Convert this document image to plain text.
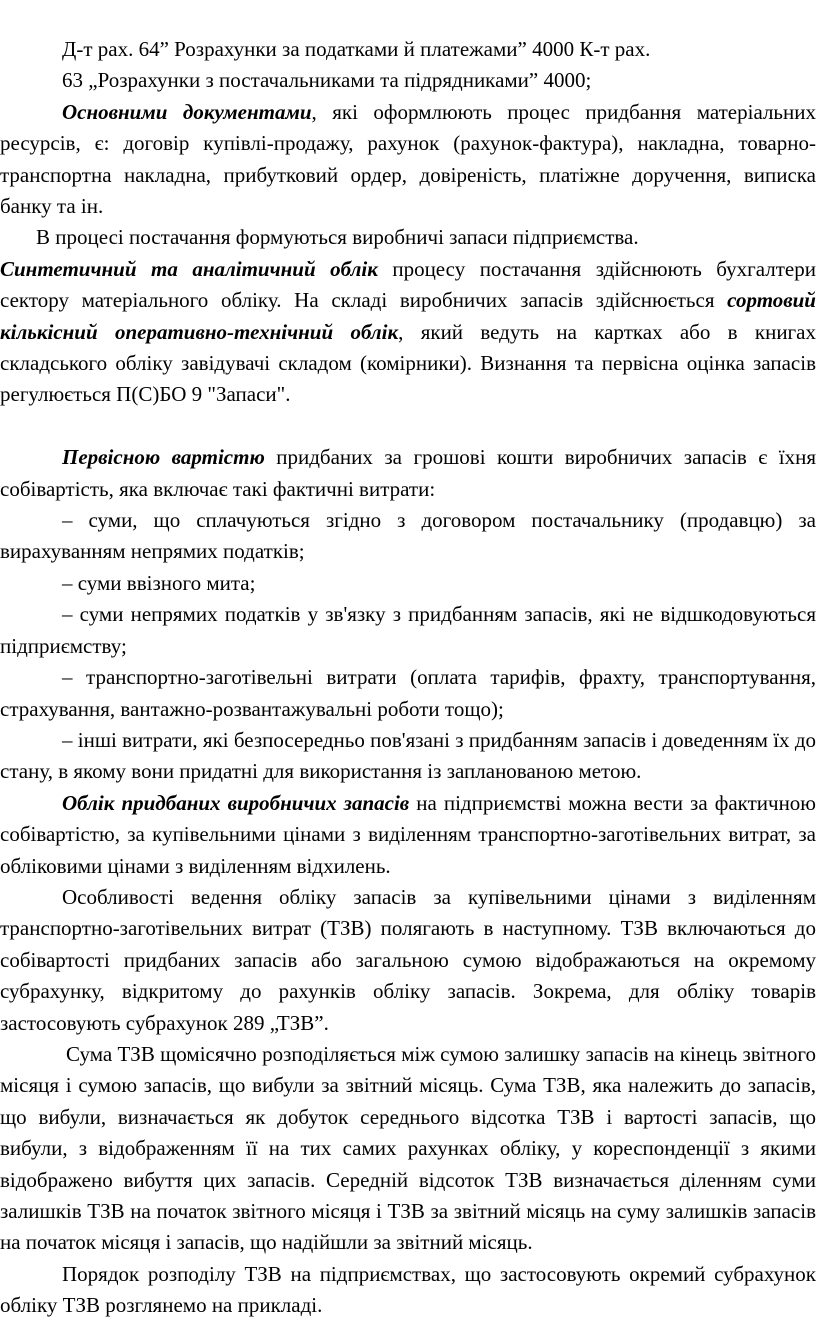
Д-т рах. 64” Розрахунки за податками й платежами” 4000 К-т рах.

63 „Розрахунки з постачальниками та підрядниками” 4000;

Основними документами, які оформлюють процес придбання матеріальних ресурсів, є: договір купівлі-продажу, рахунок (рахунок-фактура), накладна, товарно-транспортна накладна, прибутковий ордер, довіреність, платіжне доручення, виписка банку та ін.

В процесі постачання формуються виробничі запаси підприємства.

Синтетичний та аналітичний облік процесу постачання здійснюють бухгалтери сектору матеріального обліку. На складі виробничих запасів здійснюється сортовий кількісний оперативно-технічний облік, який ведуть на картках або в книгах складського обліку завідувачі складом (комірники). Визнання та первісна оцінка запасів регулюється П(С)БО 9 "Запаси".

Первісною вартістю придбаних за грошові кошти виробничих запасів є їхня собівартість, яка включає такі фактичні витрати:

– суми, що сплачуються згідно з договором постачальнику (продавцю) за вирахуванням непрямих податків;

– суми ввізного мита;

– суми непрямих податків у зв'язку з придбанням запасів, які не відшкодовуються підприємству;

– транспортно-заготівельні витрати (оплата тарифів, фрахту, транспортування, страхування, вантажно-розвантажувальні роботи тощо);

– інші витрати, які безпосередньо пов'язані з придбанням запасів і доведенням їх до стану, в якому вони придатні для використання із запланованою метою.

Облік придбаних виробничих запасів на підприємстві можна вести за фактичною собівартістю, за купівельними цінами з виділенням транспортно-заготівельних витрат, за обліковими цінами з виділенням відхилень.

Особливості ведення обліку запасів за купівельними цінами з виділенням транспортно-заготівельних витрат (ТЗВ) полягають в наступному. ТЗВ включаються до собівартості придбаних запасів або загальною сумою відображаються на окремому субрахунку, відкритому до рахунків обліку запасів. Зокрема, для обліку товарів застосовують субрахунок 289 „ТЗВ”.

Сума ТЗВ щомісячно розподіляється між сумою залишку запасів на кінець звітного місяця і сумою запасів, що вибули за звітний місяць. Сума ТЗВ, яка належить до запасів, що вибули, визначається як добуток середнього відсотка ТЗВ і вартості запасів, що вибули, з відображенням її на тих самих рахунках обліку, у кореспонденції з якими відображено вибуття цих запасів. Середній відсоток ТЗВ визначається діленням суми залишків ТЗВ на початок звітного місяця і ТЗВ за звітний місяць на суму залишків запасів на початок місяця і запасів, що надійшли за звітний місяць.

Порядок розподілу ТЗВ на підприємствах, що застосовують окремий субрахунок обліку ТЗВ розглянемо на прикладі.
